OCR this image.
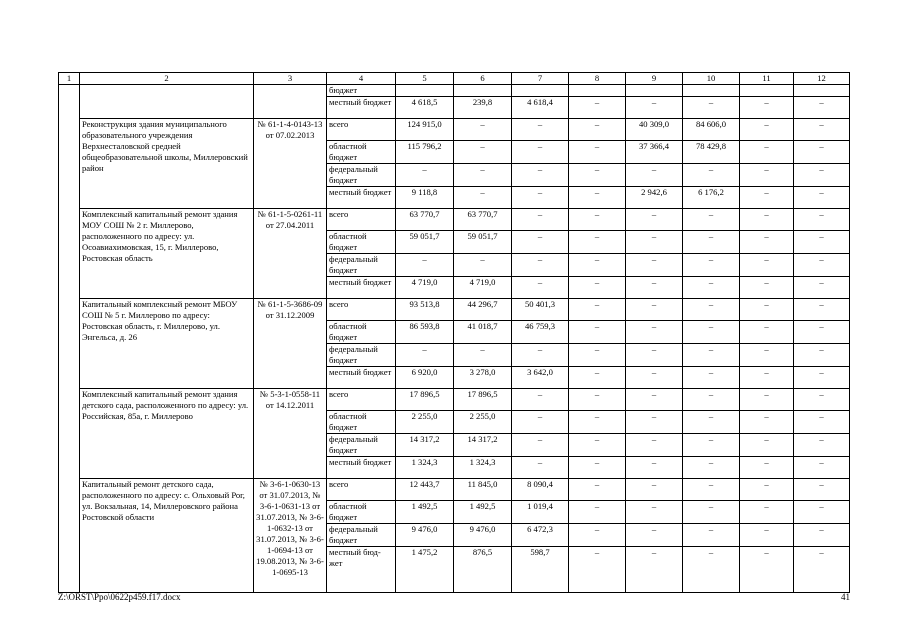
1	2	3	4	5	6	7	8	9	10	11	12
			бюджет								
			местный бюджет	4 618,5	239,8	4 618,4	–	–	–	–	–
	Реконструкция здания муниципального образовательного учреждения Верхнесталовской средней общеобразовательной школы, Миллеровский район	№ 61-1-4-0143-13 от 07.02.2013	всего	124 915,0	–	–	–	40 309,0	84 606,0	–	–
			областной бюджет	115 796,2	–	–	–	37 366,4	78 429,8	–	–
			федеральный бюджет	–	–	–	–	–	–	–	–
			местный бюджет	9 118,8	–	–	–	2 942,6	6 176,2	–	–
	Комплексный капитальный ремонт здания МОУ СОШ № 2 г. Миллерово, расположенного по адресу: ул. Осоавиахимовская, 15, г. Миллерово, Ростовская область	№ 61-1-5-0261-11 от 27.04.2011	всего	63 770,7	63 770,7	–	–	–	–	–	–
			областной бюджет	59 051,7	59 051,7	–	–	–	–	–	–
			федеральный бюджет	–	–	–	–	–	–	–	–
			местный бюджет	4 719,0	4 719,0	–	–	–	–	–	–
	Капитальный комплексный ремонт МБОУ СОШ № 5 г. Миллерово по адресу: Ростовская область, г. Миллерово, ул. Энгельса, д. 26	№ 61-1-5-3686-09 от 31.12.2009	всего	93 513,8	44 296,7	50 401,3	–	–	–	–	–
			областной бюджет	86 593,8	41 018,7	46 759,3	–	–	–	–	–
			федеральный бюджет	–	–	–	–	–	–	–	–
			местный бюджет	6 920,0	3 278,0	3 642,0	–	–	–	–	–
	Комплексный капитальный ремонт здания детского сада, расположенного по адресу: ул. Российская, 85а, г. Миллерово	№ 5-3-1-0558-11 от 14.12.2011	всего	17 896,5	17 896,5	–	–	–	–	–	–
			областной бюджет	2 255,0	2 255,0	–	–	–	–	–	–
			федеральный бюджет	14 317,2	14 317,2	–	–	–	–	–	–
			местный бюджет	1 324,3	1 324,3	–	–	–	–	–	–
	Капитальный ремонт детского сада, расположенного по адресу: с. Ольховый Рог, ул. Вокзальная, 14, Миллеровского района Ростовской области	№ 3-6-1-0630-13 от 31.07.2013, № 3-6-1-0631-13 от 31.07.2013, № 3-6-1-0632-13 от 31.07.2013, № 3-6-1-0694-13 от 19.08.2013, № 3-6-1-0695-13	всего	12 443,7	11 845,0	8 090,4	–	–	–	–	–
			областной бюджет	1 492,5	1 492,5	1 019,4	–	–	–	–	–
			федеральный бюджет	9 476,0	9 476,0	6 472,3	–	–	–	–	–
			местный бюд-жет	1 475,2	876,5	598,7	–	–	–	–	–
Z:\ORST\Ppo\0622p459.f17.docx	41
